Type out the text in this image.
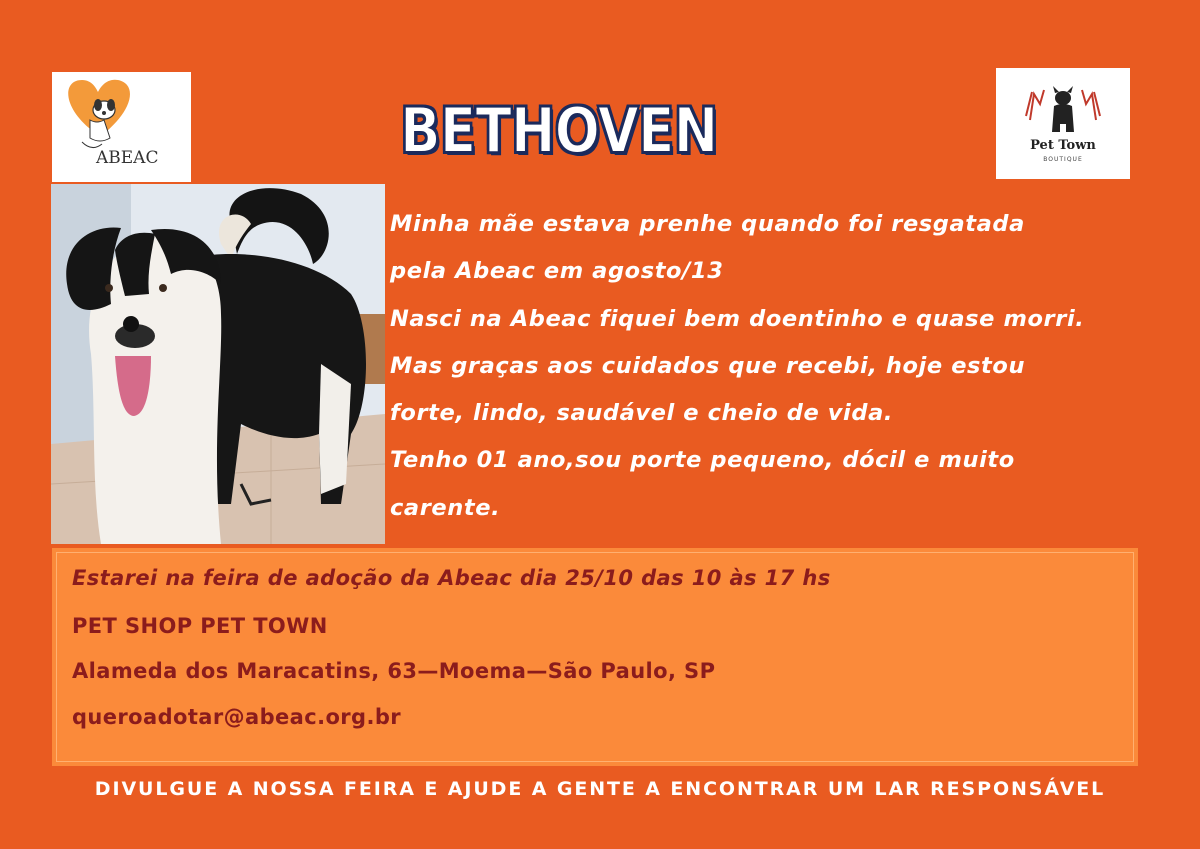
ABEAC
Pet Town
BOUTIQUE
BETHOVEN
Minha mãe estava prenhe quando foi resgatada
pela Abeac em agosto/13
Nasci na Abeac fiquei bem doentinho e quase morri.
Mas graças aos cuidados que recebi, hoje estou
forte, lindo, saudável e cheio de vida.
Tenho 01 ano,sou porte pequeno, dócil e muito
carente.
Estarei na feira de adoção da Abeac dia 25/10 das 10 às 17 hs
PET SHOP PET TOWN
Alameda dos Maracatins, 63—Moema—São Paulo, SP
queroadotar@abeac.org.br
DIVULGUE A NOSSA FEIRA E AJUDE A GENTE A ENCONTRAR UM LAR RESPONSÁVEL
